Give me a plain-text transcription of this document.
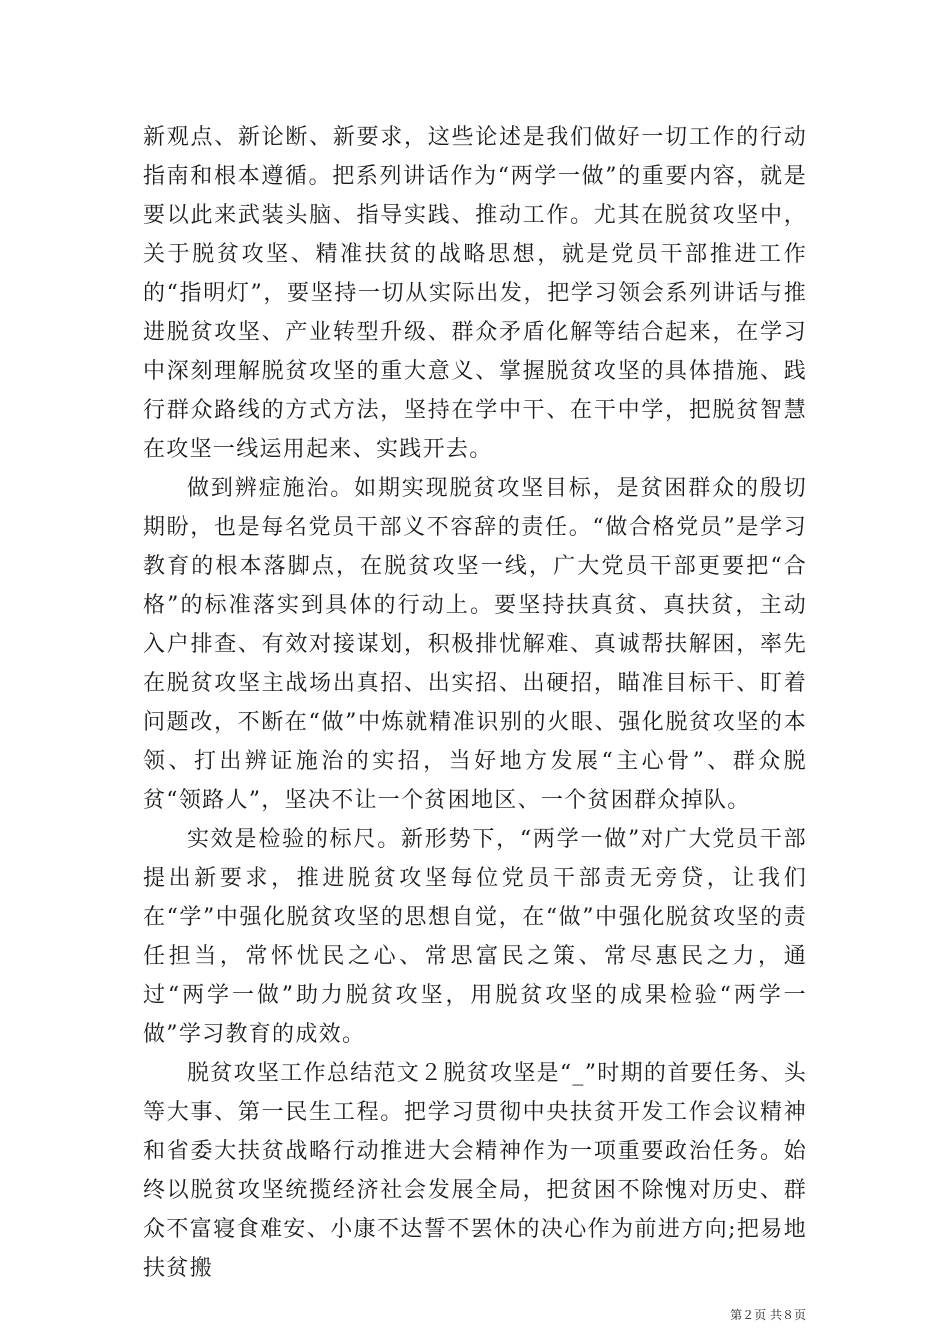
新观点、新论断、新要求，这些论述是我们做好一切工作的行动指南和根本遵循。把系列讲话作为“两学一做”的重要内容，就是要以此来武装头脑、指导实践、推动工作。尤其在脱贫攻坚中，关于脱贫攻坚、精准扶贫的战略思想，就是党员干部推进工作的“指明灯”，要坚持一切从实际出发，把学习领会系列讲话与推进脱贫攻坚、产业转型升级、群众矛盾化解等结合起来，在学习中深刻理解脱贫攻坚的重大意义、掌握脱贫攻坚的具体措施、践行群众路线的方式方法，坚持在学中干、在干中学，把脱贫智慧在攻坚一线运用起来、实践开去。

做到辨症施治。如期实现脱贫攻坚目标，是贫困群众的殷切期盼，也是每名党员干部义不容辞的责任。“做合格党员”是学习教育的根本落脚点，在脱贫攻坚一线，广大党员干部更要把“合格”的标准落实到具体的行动上。要坚持扶真贫、真扶贫，主动入户排查、有效对接谋划，积极排忧解难、真诚帮扶解困，率先在脱贫攻坚主战场出真招、出实招、出硬招，瞄准目标干、盯着问题改，不断在“做”中炼就精准识别的火眼、强化脱贫攻坚的本领、打出辨证施治的实招，当好地方发展“主心骨”、群众脱贫“领路人”，坚决不让一个贫困地区、一个贫困群众掉队。

实效是检验的标尺。新形势下，“两学一做”对广大党员干部提出新要求，推进脱贫攻坚每位党员干部责无旁贷，让我们在“学”中强化脱贫攻坚的思想自觉，在“做”中强化脱贫攻坚的责任担当，常怀忧民之心、常思富民之策、常尽惠民之力，通过“两学一做”助力脱贫攻坚，用脱贫攻坚的成果检验“两学一做”学习教育的成效。

脱贫攻坚工作总结范文２脱贫攻坚是“_”时期的首要任务、头等大事、第一民生工程。把学习贯彻中央扶贫开发工作会议精神和省委大扶贫战略行动推进大会精神作为一项重要政治任务。始终以脱贫攻坚统揽经济社会发展全局，把贫困不除愧对历史、群众不富寝食难安、小康不达誓不罢休的决心作为前进方向;把易地扶贫搬

第２页 共８页
